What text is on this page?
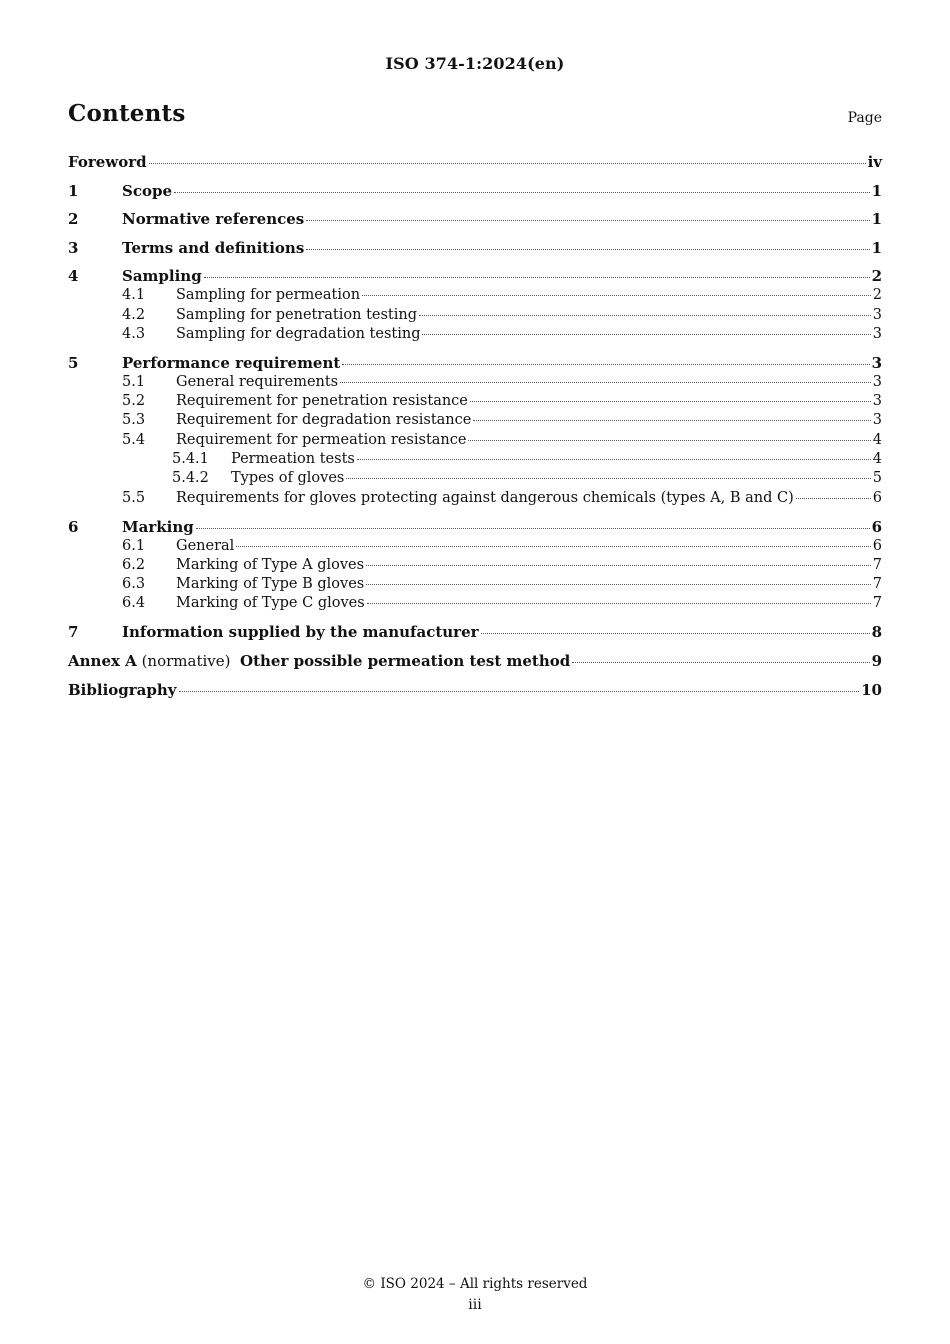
ISO 374-1:2024(en)
Contents	Page
Foreword	iv
1	Scope	1
2	Normative references	1
3	Terms and definitions	1
4	Sampling	2
4.1	Sampling for permeation	2
4.2	Sampling for penetration testing	3
4.3	Sampling for degradation testing	3
5	Performance requirement	3
5.1	General requirements	3
5.2	Requirement for penetration resistance	3
5.3	Requirement for degradation resistance	3
5.4	Requirement for permeation resistance	4
5.4.1	Permeation tests	4
5.4.2	Types of gloves	5
5.5	Requirements for gloves protecting against dangerous chemicals (types A, B and C)	6
6	Marking	6
6.1	General	6
6.2	Marking of Type A gloves	7
6.3	Marking of Type B gloves	7
6.4	Marking of Type C gloves	7
7	Information supplied by the manufacturer	8
Annex A (normative)  Other possible permeation test method	9
Bibliography	10
© ISO 2024 – All rights reserved
iii
